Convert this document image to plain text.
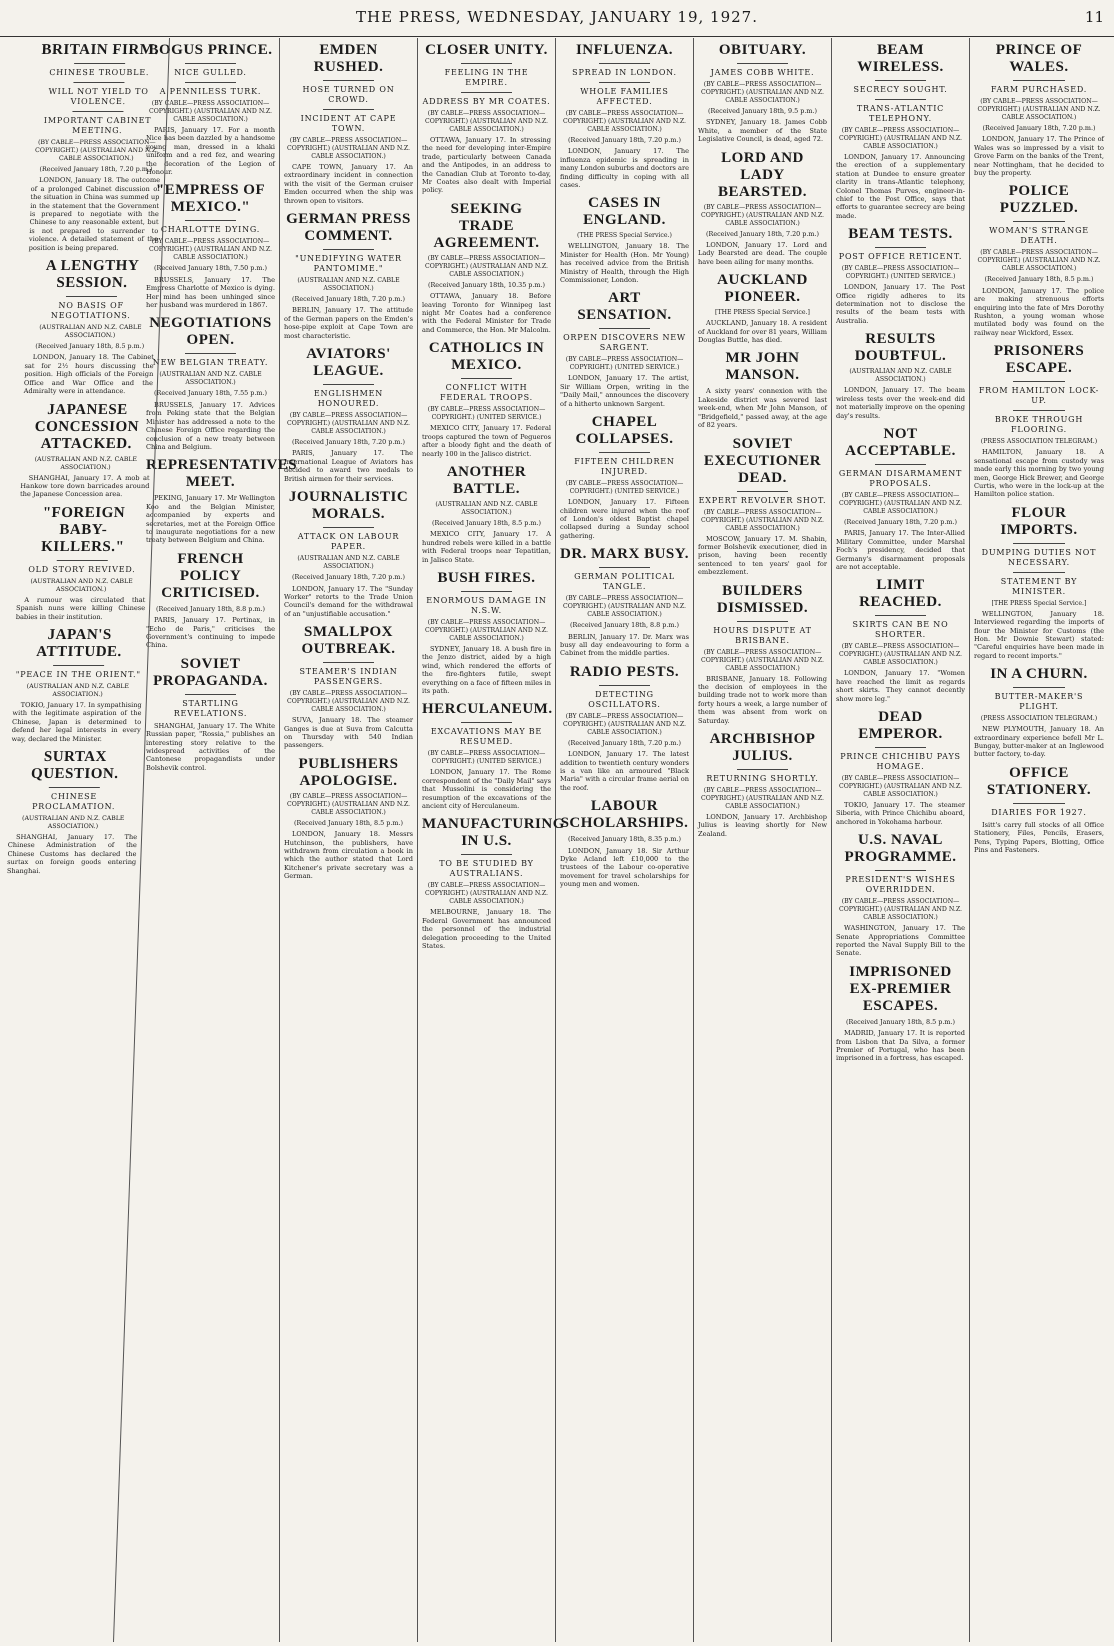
THE PRESS, WEDNESDAY, JANUARY 19, 1927.	11
BRITAIN FIRM.
CHINESE TROUBLE.
WILL NOT YIELD TO VIOLENCE.
IMPORTANT CABINET MEETING.
(BY CABLE—PRESS ASSOCIATION—COPYRIGHT.) (AUSTRALIAN AND N.Z. CABLE ASSOCIATION.)
(Received January 18th, 7.20 p.m.)

LONDON, January 18. The outcome of a prolonged Cabinet discussion of the situation in China was summed up in the statement that the Government is prepared to negotiate with the Chinese to any reasonable extent, but is not prepared to surrender to violence. A detailed statement of the position is being prepared.

A LENGTHY SESSION.
NO BASIS OF NEGOTIATIONS.
(AUSTRALIAN AND N.Z. CABLE ASSOCIATION.)
(Received January 18th, 8.5 p.m.)

LONDON, January 18. The Cabinet sat for 2½ hours discussing the position. High officials of the Foreign Office and War Office and the Admiralty were in attendance.

JAPANESE CONCESSION ATTACKED.
(AUSTRALIAN AND N.Z. CABLE ASSOCIATION.)

SHANGHAI, January 17. A mob at Hankow tore down barricades around the Japanese Concession area.

"FOREIGN BABY-KILLERS."
OLD STORY REVIVED.
(AUSTRALIAN AND N.Z. CABLE ASSOCIATION.)

A rumour was circulated that Spanish nuns were killing Chinese babies in their institution.

JAPAN'S ATTITUDE.
"PEACE IN THE ORIENT."
(AUSTRALIAN AND N.Z. CABLE ASSOCIATION.)

TOKIO, January 17. In sympathising with the legitimate aspiration of the Chinese, Japan is determined to defend her legal interests in every way, declared the Minister.

SURTAX QUESTION.
CHINESE PROCLAMATION.
(AUSTRALIAN AND N.Z. CABLE ASSOCIATION.)

SHANGHAI, January 17. The Chinese Administration of the Chinese Customs has declared the surtax on foreign goods entering Shanghai.

BOGUS PRINCE.
NICE GULLED.
A PENNILESS TURK.
(BY CABLE—PRESS ASSOCIATION—COPYRIGHT.) (AUSTRALIAN AND N.Z. CABLE ASSOCIATION.)

PARIS, January 17. For a month Nice has been dazzled by a handsome young man, dressed in a khaki uniform and a red fez, and wearing the decoration of the Legion of Honour.

"EMPRESS OF MEXICO."
CHARLOTTE DYING.
(BY CABLE—PRESS ASSOCIATION—COPYRIGHT.) (AUSTRALIAN AND N.Z. CABLE ASSOCIATION.)
(Received January 18th, 7.50 p.m.)

BRUSSELS, January 17. The Empress Charlotte of Mexico is dying. Her mind has been unhinged since her husband was murdered in 1867.

NEGOTIATIONS OPEN.
NEW BELGIAN TREATY.
(AUSTRALIAN AND N.Z. CABLE ASSOCIATION.)
(Received January 18th, 7.55 p.m.)

BRUSSELS, January 17. Advices from Peking state that the Belgian Minister has addressed a note to the Chinese Foreign Office regarding the conclusion of a new treaty between China and Belgium.

REPRESENTATIVES MEET.

PEKING, January 17. Mr Wellington Koo and the Belgian Minister, accompanied by experts and secretaries, met at the Foreign Office to inaugurate negotiations for a new treaty between Belgium and China.

FRENCH POLICY CRITICISED.
(Received January 18th, 8.8 p.m.)

PARIS, January 17. Pertinax, in "Echo de Paris," criticises the Government's continuing to impede China.

SOVIET PROPAGANDA.
STARTLING REVELATIONS.

SHANGHAI, January 17. The White Russian paper, "Rossia," publishes an interesting story relative to the widespread activities of the Cantonese propagandists under Bolshevik control.

EMDEN RUSHED.
HOSE TURNED ON CROWD.
INCIDENT AT CAPE TOWN.
(BY CABLE—PRESS ASSOCIATION—COPYRIGHT.) (AUSTRALIAN AND N.Z. CABLE ASSOCIATION.)

CAPE TOWN, January 17. An extraordinary incident in connection with the visit of the German cruiser Emden occurred when the ship was thrown open to visitors.

GERMAN PRESS COMMENT.
"UNEDIFYING WATER PANTOMIME."
(AUSTRALIAN AND N.Z. CABLE ASSOCIATION.)
(Received January 18th, 7.20 p.m.)

BERLIN, January 17. The attitude of the German papers on the Emden's hose-pipe exploit at Cape Town are most characteristic.

AVIATORS' LEAGUE.
ENGLISHMEN HONOURED.
(BY CABLE—PRESS ASSOCIATION—COPYRIGHT.) (AUSTRALIAN AND N.Z. CABLE ASSOCIATION.)
(Received January 18th, 7.20 p.m.)

PARIS, January 17. The International League of Aviators has decided to award two medals to British airmen for their services.

JOURNALISTIC MORALS.
ATTACK ON LABOUR PAPER.
(AUSTRALIAN AND N.Z. CABLE ASSOCIATION.)
(Received January 18th, 7.20 p.m.)

LONDON, January 17. The "Sunday Worker" retorts to the Trade Union Council's demand for the withdrawal of an "unjustifiable accusation."

SMALLPOX OUTBREAK.
STEAMER'S INDIAN PASSENGERS.
(BY CABLE—PRESS ASSOCIATION—COPYRIGHT.) (AUSTRALIAN AND N.Z. CABLE ASSOCIATION.)

SUVA, January 18. The steamer Ganges is due at Suva from Calcutta on Thursday with 540 Indian passengers.

PUBLISHERS APOLOGISE.
(BY CABLE—PRESS ASSOCIATION—COPYRIGHT.) (AUSTRALIAN AND N.Z. CABLE ASSOCIATION.)
(Received January 18th, 8.5 p.m.)

LONDON, January 18. Messrs Hutchinson, the publishers, have withdrawn from circulation a book in which the author stated that Lord Kitchener's private secretary was a German.

CLOSER UNITY.
FEELING IN THE EMPIRE.
ADDRESS BY MR COATES.
(BY CABLE—PRESS ASSOCIATION—COPYRIGHT.) (AUSTRALIAN AND N.Z. CABLE ASSOCIATION.)

OTTAWA, January 17. In stressing the need for developing inter-Empire trade, particularly between Canada and the Antipodes, in an address to the Canadian Club at Toronto to-day, Mr Coates also dealt with Imperial policy.

SEEKING TRADE AGREEMENT.
(BY CABLE—PRESS ASSOCIATION—COPYRIGHT.) (AUSTRALIAN AND N.Z. CABLE ASSOCIATION.)
(Received January 18th, 10.35 p.m.)

OTTAWA, January 18. Before leaving Toronto for Winnipeg last night Mr Coates had a conference with the Federal Minister for Trade and Commerce, the Hon. Mr Malcolm.

CATHOLICS IN MEXICO.
CONFLICT WITH FEDERAL TROOPS.
(BY CABLE—PRESS ASSOCIATION—COPYRIGHT.) (UNITED SERVICE.)

MEXICO CITY, January 17. Federal troops captured the town of Pegueros after a bloody fight and the death of nearly 100 in the Jalisco district.

ANOTHER BATTLE.
(AUSTRALIAN AND N.Z. CABLE ASSOCIATION.)
(Received January 18th, 8.5 p.m.)

MEXICO CITY, January 17. A hundred rebels were killed in a battle with Federal troops near Tepatitlan, in Jalisco State.

BUSH FIRES.
ENORMOUS DAMAGE IN N.S.W.
(BY CABLE—PRESS ASSOCIATION—COPYRIGHT.) (AUSTRALIAN AND N.Z. CABLE ASSOCIATION.)

SYDNEY, January 18. A bush fire in the Jenzo district, aided by a high wind, which rendered the efforts of the fire-fighters futile, swept everything on a face of fifteen miles in its path.

HERCULANEUM.
EXCAVATIONS MAY BE RESUMED.
(BY CABLE—PRESS ASSOCIATION—COPYRIGHT.) (UNITED SERVICE.)

LONDON, January 17. The Rome correspondent of the "Daily Mail" says that Mussolini is considering the resumption of the excavations of the ancient city of Herculaneum.

MANUFACTURING IN U.S.
TO BE STUDIED BY AUSTRALIANS.
(BY CABLE—PRESS ASSOCIATION—COPYRIGHT.) (AUSTRALIAN AND N.Z. CABLE ASSOCIATION.)

MELBOURNE, January 18. The Federal Government has announced the personnel of the industrial delegation proceeding to the United States.

INFLUENZA.
SPREAD IN LONDON.
WHOLE FAMILIES AFFECTED.
(BY CABLE—PRESS ASSOCIATION—COPYRIGHT.) (AUSTRALIAN AND N.Z. CABLE ASSOCIATION.)
(Received January 18th, 7.20 p.m.)

LONDON, January 17. The influenza epidemic is spreading in many London suburbs and doctors are finding difficulty in coping with all cases.

CASES IN ENGLAND.
(THE PRESS Special Service.)

WELLINGTON, January 18. The Minister for Health (Hon. Mr Young) has received advice from the British Ministry of Health, through the High Commissioner, London.

ART SENSATION.
ORPEN DISCOVERS NEW SARGENT.
(BY CABLE—PRESS ASSOCIATION—COPYRIGHT.) (UNITED SERVICE.)

LONDON, January 17. The artist, Sir William Orpen, writing in the "Daily Mail," announces the discovery of a hitherto unknown Sargent.

CHAPEL COLLAPSES.
FIFTEEN CHILDREN INJURED.
(BY CABLE—PRESS ASSOCIATION—COPYRIGHT.) (UNITED SERVICE.)

LONDON, January 17. Fifteen children were injured when the roof of London's oldest Baptist chapel collapsed during a Sunday school gathering.

DR. MARX BUSY.
GERMAN POLITICAL TANGLE.
(BY CABLE—PRESS ASSOCIATION—COPYRIGHT.) (AUSTRALIAN AND N.Z. CABLE ASSOCIATION.)
(Received January 18th, 8.8 p.m.)

BERLIN, January 17. Dr. Marx was busy all day endeavouring to form a Cabinet from the middle parties.

RADIO PESTS.
DETECTING OSCILLATORS.
(BY CABLE—PRESS ASSOCIATION—COPYRIGHT.) (AUSTRALIAN AND N.Z. CABLE ASSOCIATION.)
(Received January 18th, 7.20 p.m.)

LONDON, January 17. The latest addition to twentieth century wonders is a van like an armoured "Black Maria" with a circular frame aerial on the roof.

LABOUR SCHOLARSHIPS.
(Received January 18th, 8.35 p.m.)

LONDON, January 18. Sir Arthur Dyke Acland left £10,000 to the trustees of the Labour co-operative movement for travel scholarships for young men and women.

OBITUARY.
JAMES COBB WHITE.
(BY CABLE—PRESS ASSOCIATION—COPYRIGHT.) (AUSTRALIAN AND N.Z. CABLE ASSOCIATION.)
(Received January 18th, 9.5 p.m.)

SYDNEY, January 18. James Cobb White, a member of the State Legislative Council, is dead, aged 72.

LORD AND LADY BEARSTED.
(BY CABLE—PRESS ASSOCIATION—COPYRIGHT.) (AUSTRALIAN AND N.Z. CABLE ASSOCIATION.)
(Received January 18th, 7.20 p.m.)

LONDON, January 17. Lord and Lady Bearsted are dead. The couple have been ailing for many months.

AUCKLAND PIONEER.
[THE PRESS Special Service.]

AUCKLAND, January 18. A resident of Auckland for over 81 years, William Douglas Buttle, has died.

MR JOHN MANSON.

A sixty years' connexion with the Lakeside district was severed last week-end, when Mr John Manson, of "Bridgefield," passed away, at the age of 82 years.

SOVIET EXECUTIONER DEAD.
EXPERT REVOLVER SHOT.
(BY CABLE—PRESS ASSOCIATION—COPYRIGHT.) (AUSTRALIAN AND N.Z. CABLE ASSOCIATION.)

MOSCOW, January 17. M. Shabin, former Bolshevik executioner, died in prison, having been recently sentenced to ten years' gaol for embezzlement.

BUILDERS DISMISSED.
HOURS DISPUTE AT BRISBANE.
(BY CABLE—PRESS ASSOCIATION—COPYRIGHT.) (AUSTRALIAN AND N.Z. CABLE ASSOCIATION.)

BRISBANE, January 18. Following the decision of employees in the building trade not to work more than forty hours a week, a large number of them was absent from work on Saturday.

ARCHBISHOP JULIUS.
RETURNING SHORTLY.
(BY CABLE—PRESS ASSOCIATION—COPYRIGHT.) (AUSTRALIAN AND N.Z. CABLE ASSOCIATION.)

LONDON, January 17. Archbishop Julius is leaving shortly for New Zealand.

BEAM WIRELESS.
SECRECY SOUGHT.
TRANS-ATLANTIC TELEPHONY.
(BY CABLE—PRESS ASSOCIATION—COPYRIGHT.) (AUSTRALIAN AND N.Z. CABLE ASSOCIATION.)

LONDON, January 17. Announcing the erection of a supplementary station at Dundee to ensure greater clarity in trans-Atlantic telephony, Colonel Thomas Purves, engineer-in-chief to the Post Office, says that efforts to guarantee secrecy are being made.

BEAM TESTS.
POST OFFICE RETICENT.
(BY CABLE—PRESS ASSOCIATION—COPYRIGHT.) (UNITED SERVICE.)

LONDON, January 17. The Post Office rigidly adheres to its determination not to disclose the results of the beam tests with Australia.

RESULTS DOUBTFUL.
(AUSTRALIAN AND N.Z. CABLE ASSOCIATION.)

LONDON, January 17. The beam wireless tests over the week-end did not materially improve on the opening day's results.

NOT ACCEPTABLE.
GERMAN DISARMAMENT PROPOSALS.
(BY CABLE—PRESS ASSOCIATION—COPYRIGHT.) (AUSTRALIAN AND N.Z. CABLE ASSOCIATION.)
(Received January 18th, 7.20 p.m.)

PARIS, January 17. The Inter-Allied Military Committee, under Marshal Foch's presidency, decided that Germany's disarmament proposals are not acceptable.

LIMIT REACHED.
SKIRTS CAN BE NO SHORTER.
(BY CABLE—PRESS ASSOCIATION—COPYRIGHT.) (AUSTRALIAN AND N.Z. CABLE ASSOCIATION.)

LONDON, January 17. "Women have reached the limit as regards short skirts. They cannot decently show more leg."

DEAD EMPEROR.
PRINCE CHICHIBU PAYS HOMAGE.
(BY CABLE—PRESS ASSOCIATION—COPYRIGHT.) (AUSTRALIAN AND N.Z. CABLE ASSOCIATION.)

TOKIO, January 17. The steamer Siberia, with Prince Chichibu aboard, anchored in Yokohama harbour.

U.S. NAVAL PROGRAMME.
PRESIDENT'S WISHES OVERRIDDEN.
(BY CABLE—PRESS ASSOCIATION—COPYRIGHT.) (AUSTRALIAN AND N.Z. CABLE ASSOCIATION.)

WASHINGTON, January 17. The Senate Appropriations Committee reported the Naval Supply Bill to the Senate.

IMPRISONED EX-PREMIER ESCAPES.
(Received January 18th, 8.5 p.m.)

MADRID, January 17. It is reported from Lisbon that Da Silva, a former Premier of Portugal, who has been imprisoned in a fortress, has escaped.

PRINCE OF WALES.
FARM PURCHASED.
(BY CABLE—PRESS ASSOCIATION—COPYRIGHT.) (AUSTRALIAN AND N.Z. CABLE ASSOCIATION.)
(Received January 18th, 7.20 p.m.)

LONDON, January 17. The Prince of Wales was so impressed by a visit to Grove Farm on the banks of the Trent, near Nottingham, that he decided to buy the property.

POLICE PUZZLED.
WOMAN'S STRANGE DEATH.
(BY CABLE—PRESS ASSOCIATION—COPYRIGHT.) (AUSTRALIAN AND N.Z. CABLE ASSOCIATION.)
(Received January 18th, 8.5 p.m.)

LONDON, January 17. The police are making strenuous efforts enquiring into the fate of Mrs Dorothy Rushton, a young woman whose mutilated body was found on the railway near Wickford, Essex.

PRISONERS ESCAPE.
FROM HAMILTON LOCK-UP.
BROKE THROUGH FLOORING.
(PRESS ASSOCIATION TELEGRAM.)

HAMILTON, January 18. A sensational escape from custody was made early this morning by two young men, George Hick Brewer, and George Curtis, who were in the lock-up at the Hamilton police station.

FLOUR IMPORTS.
DUMPING DUTIES NOT NECESSARY.
STATEMENT BY MINISTER.
[THE PRESS Special Service.]

WELLINGTON, January 18. Interviewed regarding the imports of flour the Minister for Customs (the Hon. Mr Downie Stewart) stated: "Careful enquiries have been made in regard to recent imports."

IN A CHURN.
BUTTER-MAKER'S PLIGHT.
(PRESS ASSOCIATION TELEGRAM.)

NEW PLYMOUTH, January 18. An extraordinary experience befell Mr L. Bungay, butter-maker at an Inglewood butter factory, to-day.

OFFICE STATIONERY.
DIARIES FOR 1927.

Isitt's carry full stocks of all Office Stationery, Files, Pencils, Erasers, Pens, Typing Papers, Blotting, Office Pins and Fasteners.
